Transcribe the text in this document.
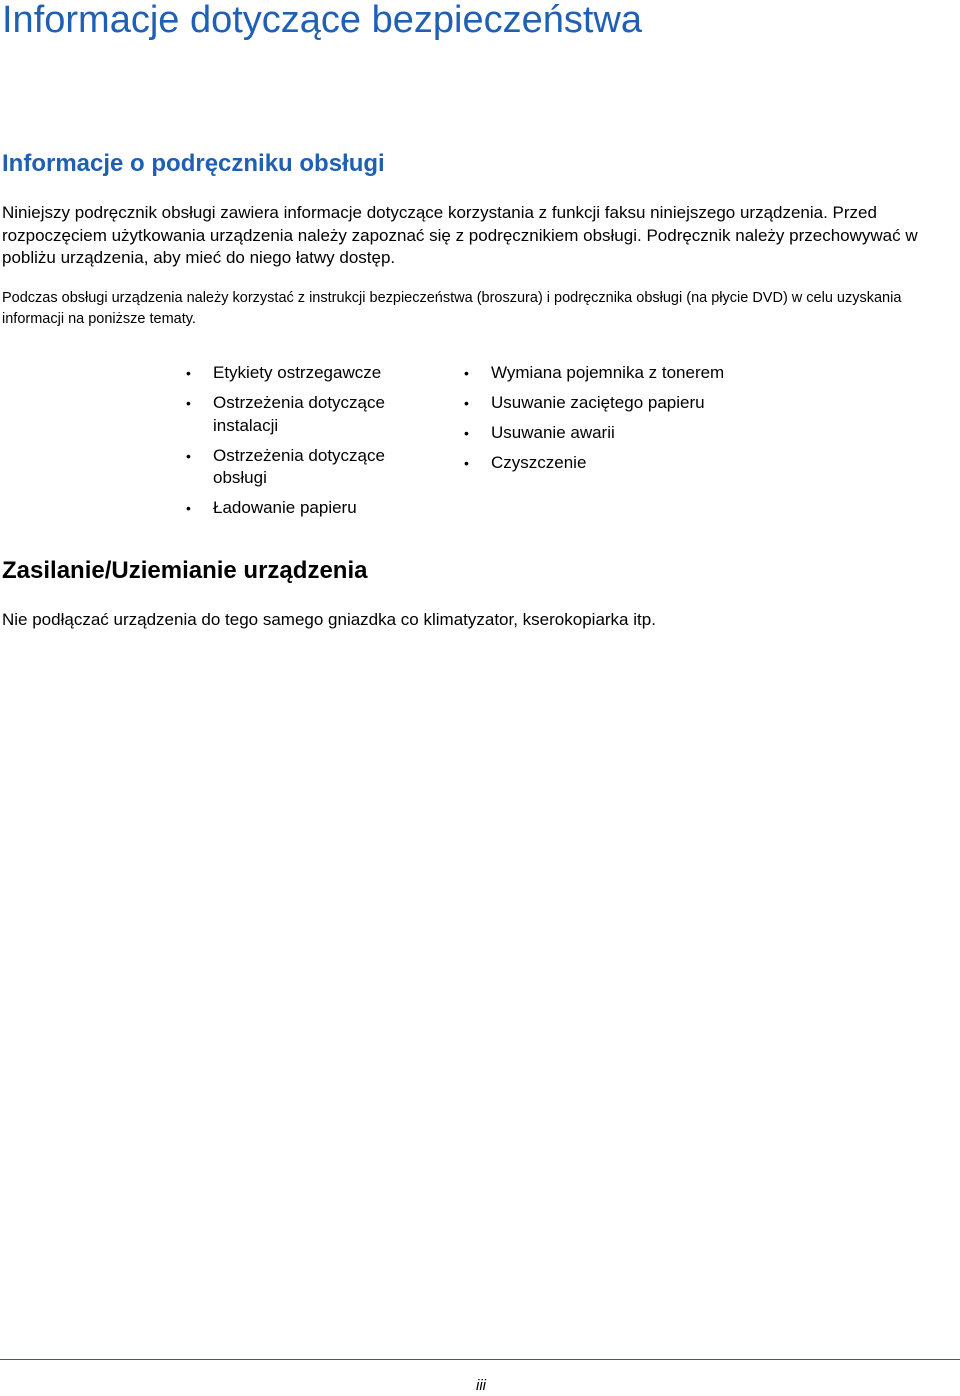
Informacje dotyczące bezpieczeństwa
Informacje o podręczniku obsługi

Niniejszy podręcznik obsługi zawiera informacje dotyczące korzystania z funkcji faksu niniejszego urządzenia. Przed rozpoczęciem użytkowania urządzenia należy zapoznać się z podręcznikiem obsługi. Podręcznik należy przechowywać w pobliżu urządzenia, aby mieć do niego łatwy dostęp.

Podczas obsługi urządzenia należy korzystać z instrukcji bezpieczeństwa (broszura) i podręcznika obsługi (na płycie DVD) w celu uzyskania informacji na poniższe tematy.

• Etykiety ostrzegawcze
• Ostrzeżenia dotyczące instalacji
• Ostrzeżenia dotyczące obsługi
• Ładowanie papieru
• Wymiana pojemnika z tonerem
• Usuwanie zaciętego papieru
• Usuwanie awarii
• Czyszczenie
Zasilanie/Uziemianie urządzenia

Nie podłączać urządzenia do tego samego gniazdka co klimatyzator, kserokopiarka itp.

iii
